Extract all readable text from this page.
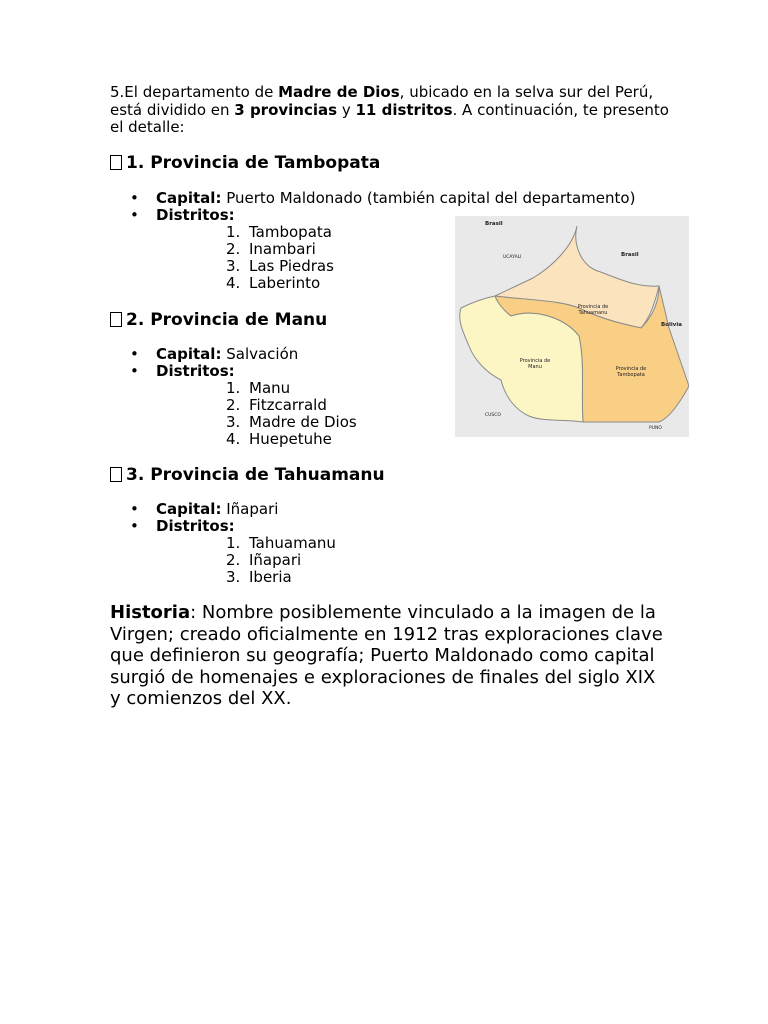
5.El departamento de Madre de Dios, ubicado en la selva sur del Perú, está dividido en 3 provincias y 11 distritos. A continuación, te presento el detalle:

1. Provincia de Tambopata
• Capital: Puerto Maldonado (también capital del departamento)
• Distritos:
1. Tambopata
2. Inambari
3. Las Piedras
4. Laberinto
2. Provincia de Manu
• Capital: Salvación
• Distritos:
1. Manu
2. Fitzcarrald
3. Madre de Dios
4. Huepetuhe
3. Provincia de Tahuamanu
• Capital: Iñapari
• Distritos:
1. Tahuamanu
2. Iñapari
3. Iberia

Historia: Nombre posiblemente vinculado a la imagen de la Virgen; creado oficialmente en 1912 tras exploraciones clave que definieron su geografía; Puerto Maldonado como capital surgió de homenajes e exploraciones de finales del siglo XIX y comienzos del XX.

Brasil
Brasil
UCAYALI
Bolivia
Provincia de
Tahuamanu
Provincia de
Manu	Provincia de
Tambopata
CUSCO
PUNO
